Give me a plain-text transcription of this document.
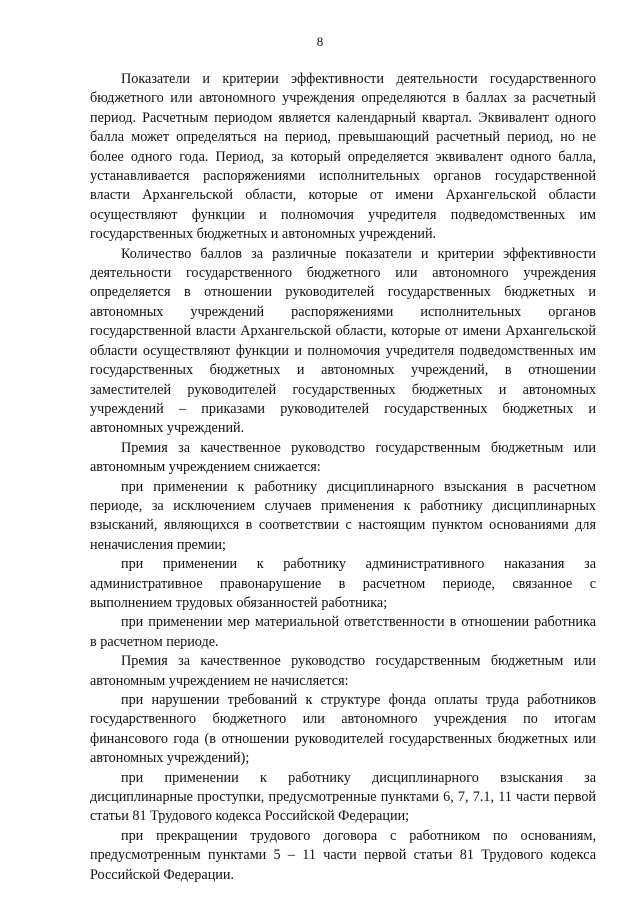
8

Показатели и критерии эффективности деятельности государственного бюджетного или автономного учреждения определяются в баллах за расчетный период. Расчетным периодом является календарный квартал. Эквивалент одного балла может определяться на период, превышающий расчетный период, но не более одного года. Период, за который определяется эквивалент одного балла, устанавливается распоряжениями исполнительных органов государственной власти Архангельской области, которые от имени Архангельской области осуществляют функции и полномочия учредителя подведомственных им государственных бюджетных и автономных учреждений.

Количество баллов за различные показатели и критерии эффективности деятельности государственного бюджетного или автономного учреждения определяется в отношении руководителей государственных бюджетных и автономных учреждений распоряжениями исполнительных органов государственной власти Архангельской области, которые от имени Архангельской области осуществляют функции и полномочия учредителя подведомственных им государственных бюджетных и автономных учреждений, в отношении заместителей руководителей государственных бюджетных и автономных учреждений – приказами руководителей государственных бюджетных и автономных учреждений.

Премия за качественное руководство государственным бюджетным или автономным учреждением снижается:

при применении к работнику дисциплинарного взыскания в расчетном периоде, за исключением случаев применения к работнику дисциплинарных взысканий, являющихся в соответствии с настоящим пунктом основаниями для неначисления премии;

при применении к работнику административного наказания за административное правонарушение в расчетном периоде, связанное с выполнением трудовых обязанностей работника;

при применении мер материальной ответственности в отношении работника в расчетном периоде.

Премия за качественное руководство государственным бюджетным или автономным учреждением не начисляется:

при нарушении требований к структуре фонда оплаты труда работников государственного бюджетного или автономного учреждения по итогам финансового года (в отношении руководителей государственных бюджетных или автономных учреждений);

при применении к работнику дисциплинарного взыскания за дисциплинарные проступки, предусмотренные пунктами 6, 7, 7.1, 11 части первой статьи 81 Трудового кодекса Российской Федерации;

при прекращении трудового договора с работником по основаниям, предусмотренным пунктами 5 – 11 части первой статьи 81 Трудового кодекса Российской Федерации.
